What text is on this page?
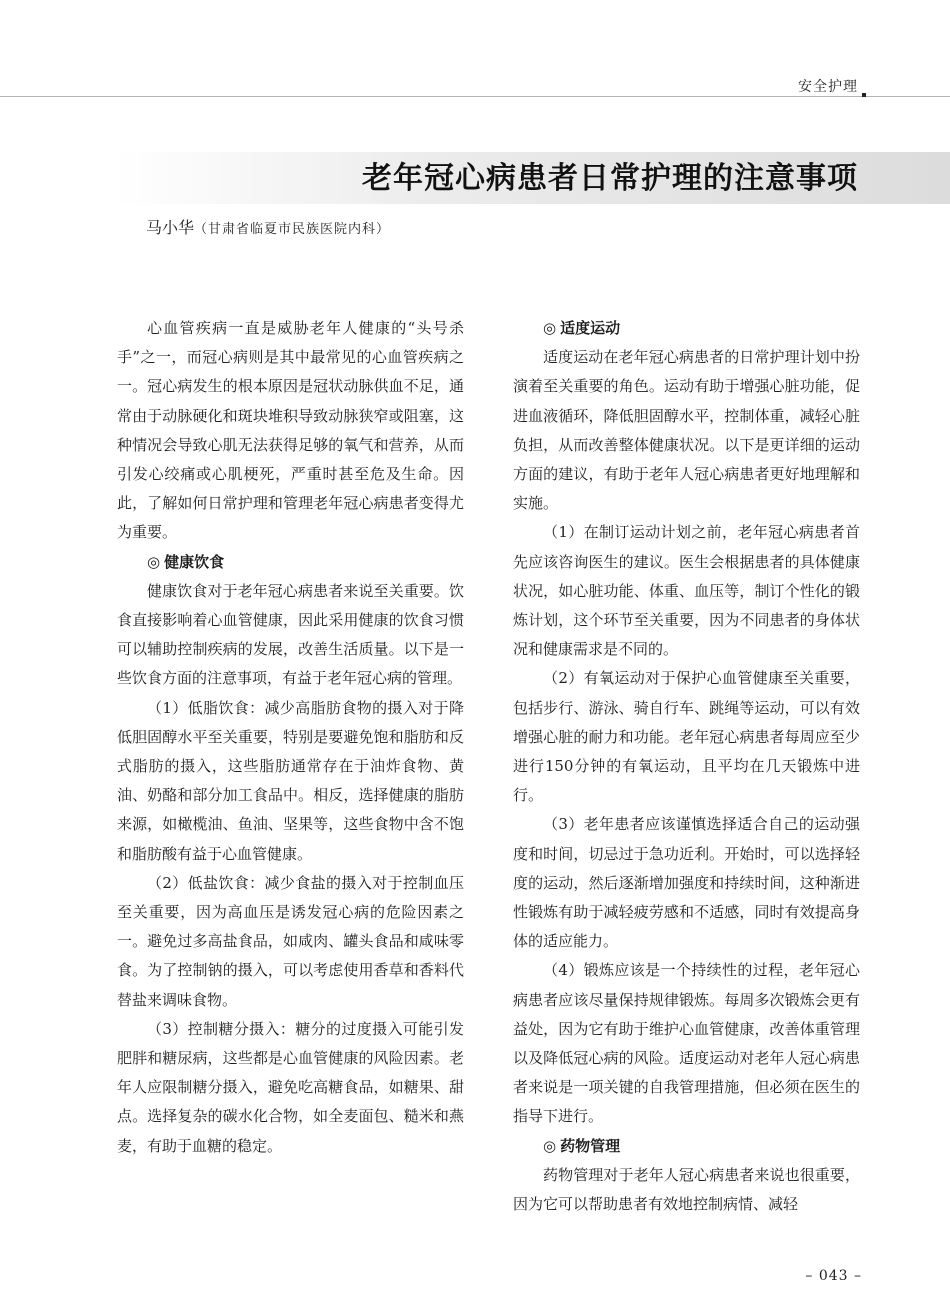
安全护理
老年冠心病患者日常护理的注意事项
马小华（甘肃省临夏市民族医院内科）

心血管疾病一直是威胁老年人健康的“头号杀手”之一，而冠心病则是其中最常见的心血管疾病之一。冠心病发生的根本原因是冠状动脉供血不足，通常由于动脉硬化和斑块堆积导致动脉狭窄或阻塞，这种情况会导致心肌无法获得足够的氧气和营养，从而引发心绞痛或心肌梗死，严重时甚至危及生命。因此，了解如何日常护理和管理老年冠心病患者变得尤为重要。

◎ 健康饮食

健康饮食对于老年冠心病患者来说至关重要。饮食直接影响着心血管健康，因此采用健康的饮食习惯可以辅助控制疾病的发展，改善生活质量。以下是一些饮食方面的注意事项，有益于老年冠心病的管理。

（1）低脂饮食：减少高脂肪食物的摄入对于降低胆固醇水平至关重要，特别是要避免饱和脂肪和反式脂肪的摄入，这些脂肪通常存在于油炸食物、黄油、奶酪和部分加工食品中。相反，选择健康的脂肪来源，如橄榄油、鱼油、坚果等，这些食物中含不饱和脂肪酸有益于心血管健康。

（2）低盐饮食：减少食盐的摄入对于控制血压至关重要，因为高血压是诱发冠心病的危险因素之一。避免过多高盐食品，如咸肉、罐头食品和咸味零食。为了控制钠的摄入，可以考虑使用香草和香料代替盐来调味食物。

（3）控制糖分摄入：糖分的过度摄入可能引发肥胖和糖尿病，这些都是心血管健康的风险因素。老年人应限制糖分摄入，避免吃高糖食品，如糖果、甜点。选择复杂的碳水化合物，如全麦面包、糙米和燕麦，有助于血糖的稳定。

◎ 适度运动

适度运动在老年冠心病患者的日常护理计划中扮演着至关重要的角色。运动有助于增强心脏功能，促进血液循环，降低胆固醇水平，控制体重，减轻心脏负担，从而改善整体健康状况。以下是更详细的运动方面的建议，有助于老年人冠心病患者更好地理解和实施。

（1）在制订运动计划之前，老年冠心病患者首先应该咨询医生的建议。医生会根据患者的具体健康状况，如心脏功能、体重、血压等，制订个性化的锻炼计划，这个环节至关重要，因为不同患者的身体状况和健康需求是不同的。

（2）有氧运动对于保护心血管健康至关重要，包括步行、游泳、骑自行车、跳绳等运动，可以有效增强心脏的耐力和功能。老年冠心病患者每周应至少进行150分钟的有氧运动，且平均在几天锻炼中进行。

（3）老年患者应该谨慎选择适合自己的运动强度和时间，切忌过于急功近利。开始时，可以选择轻度的运动，然后逐渐增加强度和持续时间，这种渐进性锻炼有助于减轻疲劳感和不适感，同时有效提高身体的适应能力。

（4）锻炼应该是一个持续性的过程，老年冠心病患者应该尽量保持规律锻炼。每周多次锻炼会更有益处，因为它有助于维护心血管健康，改善体重管理以及降低冠心病的风险。适度运动对老年人冠心病患者来说是一项关键的自我管理措施，但必须在医生的指导下进行。

◎ 药物管理

药物管理对于老年人冠心病患者来说也很重要，因为它可以帮助患者有效地控制病情、减轻

– 043 –
